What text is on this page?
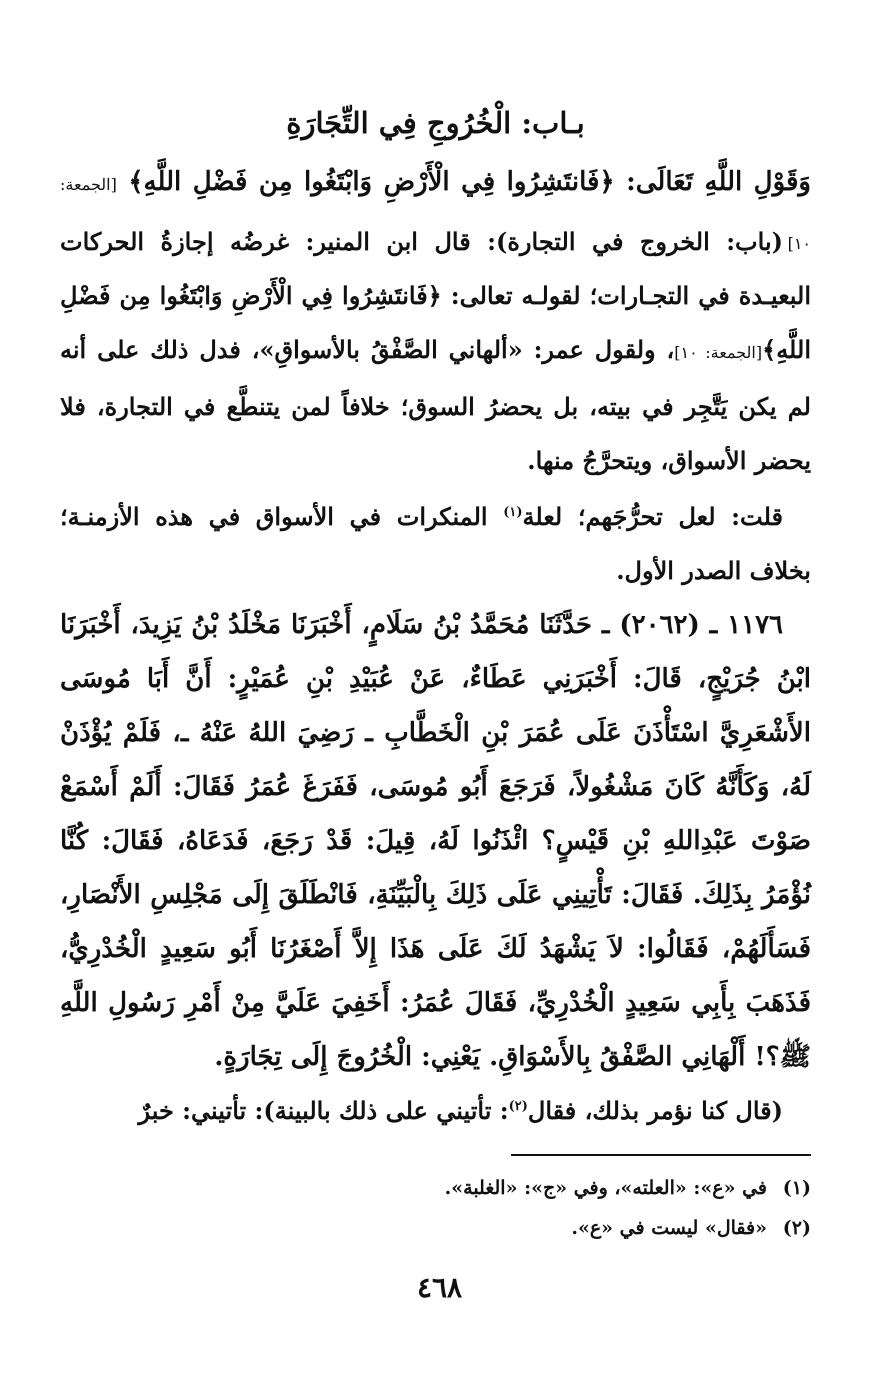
بـاب: الْخُرُوجِ فِي التِّجَارَةِ
وَقَوْلِ اللَّهِ تَعَالَى: ﴿فَانتَشِرُوا فِي الْأَرْضِ وَابْتَغُوا مِن فَضْلِ اللَّهِ﴾ [الجمعة: ١٠]
(باب: الخروج في التجارة): قال ابن المنير: غرضُه إجازةُ الحركات البعيـدة في التجـارات؛ لقولـه تعالى: ﴿فَانتَشِرُوا فِي الْأَرْضِ وَابْتَغُوا مِن فَضْلِ اللَّهِ﴾[الجمعة: ١٠]، ولقول عمر: «ألهاني الصَّفْقُ بالأسواقِ»، فدل ذلك على أنه لم يكن يَتَّجِر في بيته، بل يحضرُ السوق؛ خلافاً لمن يتنطَّع في التجارة، فلا يحضر الأسواق، ويتحرَّجُ منها.
قلت: لعل تحرُّجَهم؛ لعلة$^{(١)}$ المنكرات في الأسواق في هذه الأزمنـة؛ بخلاف الصدر الأول.
١١٧٦ ـ (٢٠٦٢) ـ حَدَّثَنَا مُحَمَّدُ بْنُ سَلَامٍ، أَخْبَرَنَا مَخْلَدُ بْنُ يَزِيدَ، أَخْبَرَنَا ابْنُ جُرَيْجٍ، قَالَ: أَخْبَرَنِي عَطَاءٌ، عَنْ عُبَيْدِ بْنِ عُمَيْرٍ: أَنَّ أَبَا مُوسَى الأَشْعَرِيَّ اسْتَأْذَنَ عَلَى عُمَرَ بْنِ الْخَطَّابِ ـ رَضِيَ اللهُ عَنْهُ ـ، فَلَمْ يُؤْذَنْ لَهُ، وَكَأَنَّهُ كَانَ مَشْغُولاً، فَرَجَعَ أَبُو مُوسَى، فَفَرَغَ عُمَرُ فَقَالَ: أَلَمْ أَسْمَعْ صَوْتَ عَبْدِاللهِ بْنِ قَيْسٍ؟ ائْذَنُوا لَهُ، قِيلَ: قَدْ رَجَعَ، فَدَعَاهُ، فَقَالَ: كُنَّا نُؤْمَرُ بِذَلِكَ. فَقَالَ: تَأْتِينِي عَلَى ذَلِكَ بِالْبَيِّنَةِ، فَانْطَلَقَ إِلَى مَجْلِسِ الأَنْصَارِ، فَسَأَلَهُمْ، فَقَالُوا: لاَ يَشْهَدُ لَكَ عَلَى هَذَا إِلاَّ أَصْغَرُنَا أَبُو سَعِيدٍ الْخُدْرِيُّ، فَذَهَبَ بِأَبِي سَعِيدٍ الْخُدْرِيِّ، فَقَالَ عُمَرُ: أَخَفِيَ عَلَيَّ مِنْ أَمْرِ رَسُولِ اللَّهِ ﷺ؟! أَلْهَانِي الصَّفْقُ بِالأَسْوَاقِ. يَعْنِي: الْخُرُوجَ إِلَى تِجَارَةٍ.
(قال كنا نؤمر بذلك، فقال$^{(٢)}$: تأتيني على ذلك بالبينة): تأتيني: خبرٌ
(١)في «ع»: «العلته»، وفي «ج»: «الغلبة».
(٢)«فقال» ليست في «ع».
٤٦٨
